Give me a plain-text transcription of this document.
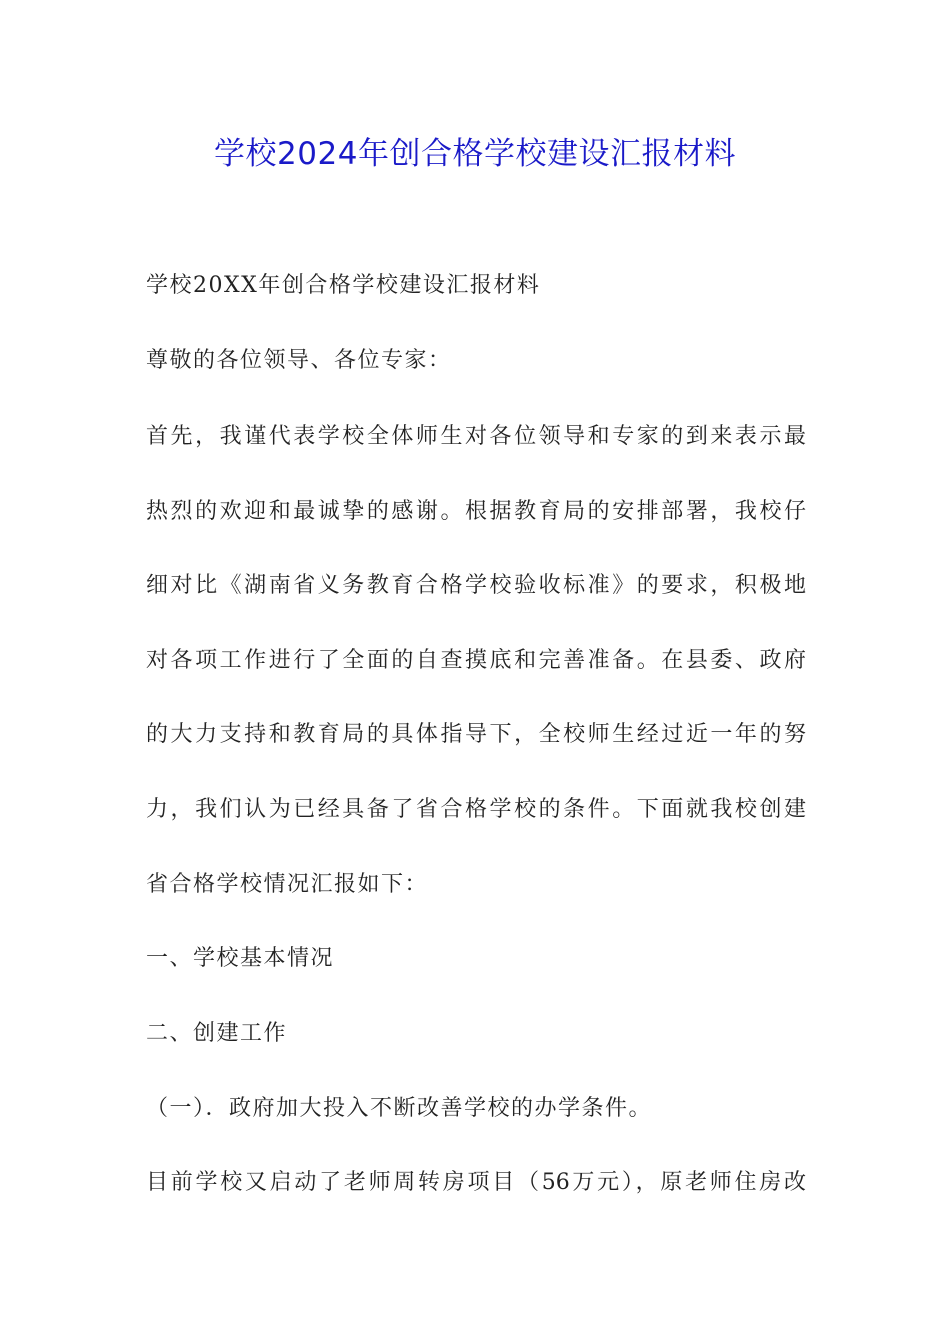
学校2024年创合格学校建设汇报材料
学校20XX年创合格学校建设汇报材料
尊敬的各位领导、各位专家：
首先，我谨代表学校全体师生对各位领导和专家的到来表示最
热烈的欢迎和最诚挚的感谢。根据教育局的安排部署，我校仔
细对比《湖南省义务教育合格学校验收标准》的要求，积极地
对各项工作进行了全面的自查摸底和完善准备。在县委、政府
的大力支持和教育局的具体指导下，全校师生经过近一年的努
力，我们认为已经具备了省合格学校的条件。下面就我校创建
省合格学校情况汇报如下：
一、学校基本情况
二、创建工作
（一）．政府加大投入不断改善学校的办学条件。
目前学校又启动了老师周转房项目（56万元），原老师住房改
